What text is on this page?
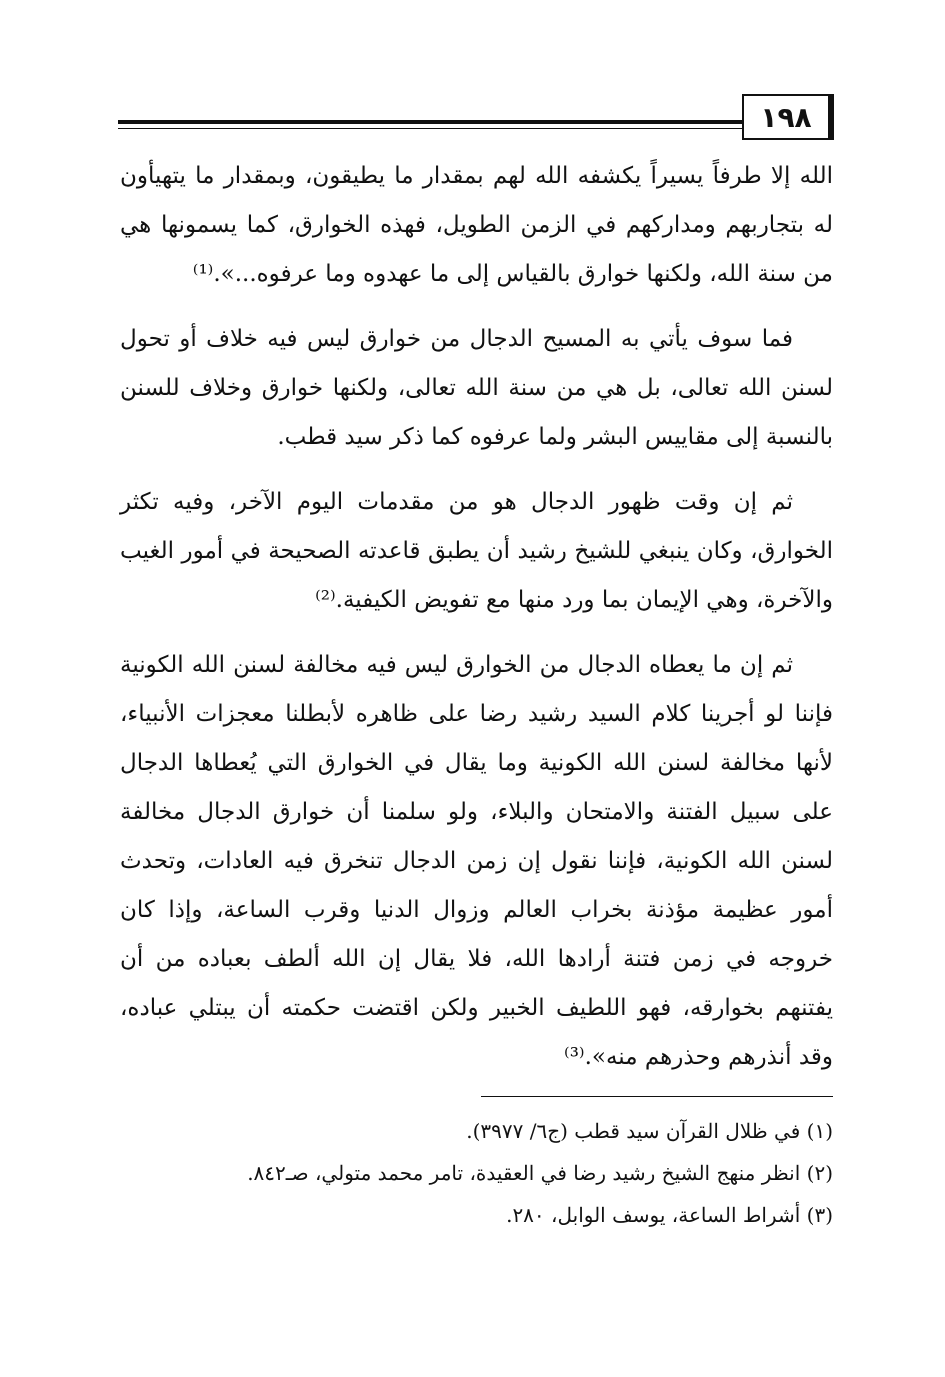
١٩٨

الله إلا طرفاً يسيراً يكشفه الله لهم بمقدار ما يطيقون، وبمقدار ما يتهيأون له بتجاربهم ومداركهم في الزمن الطويل، فهذه الخوارق، كما يسمونها هي من سنة الله، ولكنها خوارق بالقياس إلى ما عهدوه وما عرفوه...».⁽¹⁾

فما سوف يأتي به المسيح الدجال من خوارق ليس فيه خلاف أو تحول لسنن الله تعالى، بل هي من سنة الله تعالى، ولكنها خوارق وخلاف للسنن بالنسبة إلى مقاييس البشر ولما عرفوه كما ذكر سيد قطب.

ثم إن وقت ظهور الدجال هو من مقدمات اليوم الآخر، وفيه تكثر الخوارق، وكان ينبغي للشيخ رشيد أن يطبق قاعدته الصحيحة في أمور الغيب والآخرة، وهي الإيمان بما ورد منها مع تفويض الكيفية.⁽²⁾

ثم إن ما يعطاه الدجال من الخوارق ليس فيه مخالفة لسنن الله الكونية فإننا لو أجرينا كلام السيد رشيد رضا على ظاهره لأبطلنا معجزات الأنبياء، لأنها مخالفة لسنن الله الكونية وما يقال في الخوارق التي يُعطاها الدجال على سبيل الفتنة والامتحان والبلاء، ولو سلمنا أن خوارق الدجال مخالفة لسنن الله الكونية، فإننا نقول إن زمن الدجال تنخرق فيه العادات، وتحدث أمور عظيمة مؤذنة بخراب العالم وزوال الدنيا وقرب الساعة، وإذا كان خروجه في زمن فتنة أرادها الله، فلا يقال إن الله ألطف بعباده من أن يفتنهم بخوارقه، فهو اللطيف الخبير ولكن اقتضت حكمته أن يبتلي عباده، وقد أنذرهم وحذرهم منه».⁽³⁾

(١) في ظلال القرآن سيد قطب (ج٦/ ٣٩٧٧).

(٢) انظر منهج الشيخ رشيد رضا في العقيدة، تامر محمد متولي، صـ٨٤٢.

(٣) أشراط الساعة، يوسف الوابل، ٢٨٠.
